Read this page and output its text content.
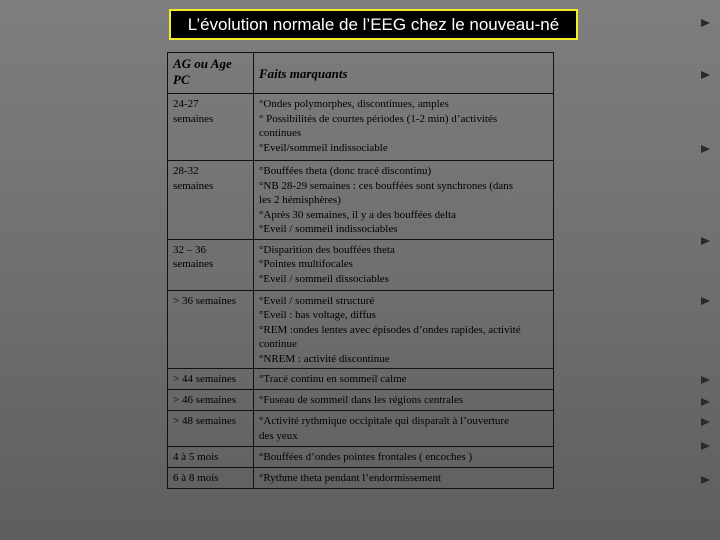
L’évolution normale de l’EEG chez le nouveau-né
AG ou Age
PC	Faits marquants

24-27
semaines	°Ondes polymorphes, discontinues, amples
° Possibilités de courtes périodes (1-2 min) d’activités
continues
°Eveil/sommeil indissociable

28-32
semaines	°Bouffées theta (donc tracé discontinu)
°NB 28-29 semaines : ces bouffées sont synchrones (dans
les 2 hémisphères)
°Après 30 semaines, il y a des bouffées delta
°Eveil / sommeil indissociables

32 – 36
semaines	°Disparition des bouffées theta
°Pointes multifocales
°Eveil / sommeil dissociables

> 36 semaines	°Eveil / sommeil structuré
°Eveil : bas voltage, diffus
°REM :ondes lentes avec épisodes d’ondes rapides, activité
continue
°NREM : activité discontinue

> 44 semaines	°Tracé continu en sommeil calme

> 46 semaines	°Fuseau de sommeil dans les régions centrales

> 48 semaines	°Activité rythmique occipitale qui disparaît à l’ouverture
des yeux

4 à 5 mois	°Bouffées d’ondes pointes frontales ( encoches )

6 à 8 mois	°Rythme theta pendant l’endormissement
